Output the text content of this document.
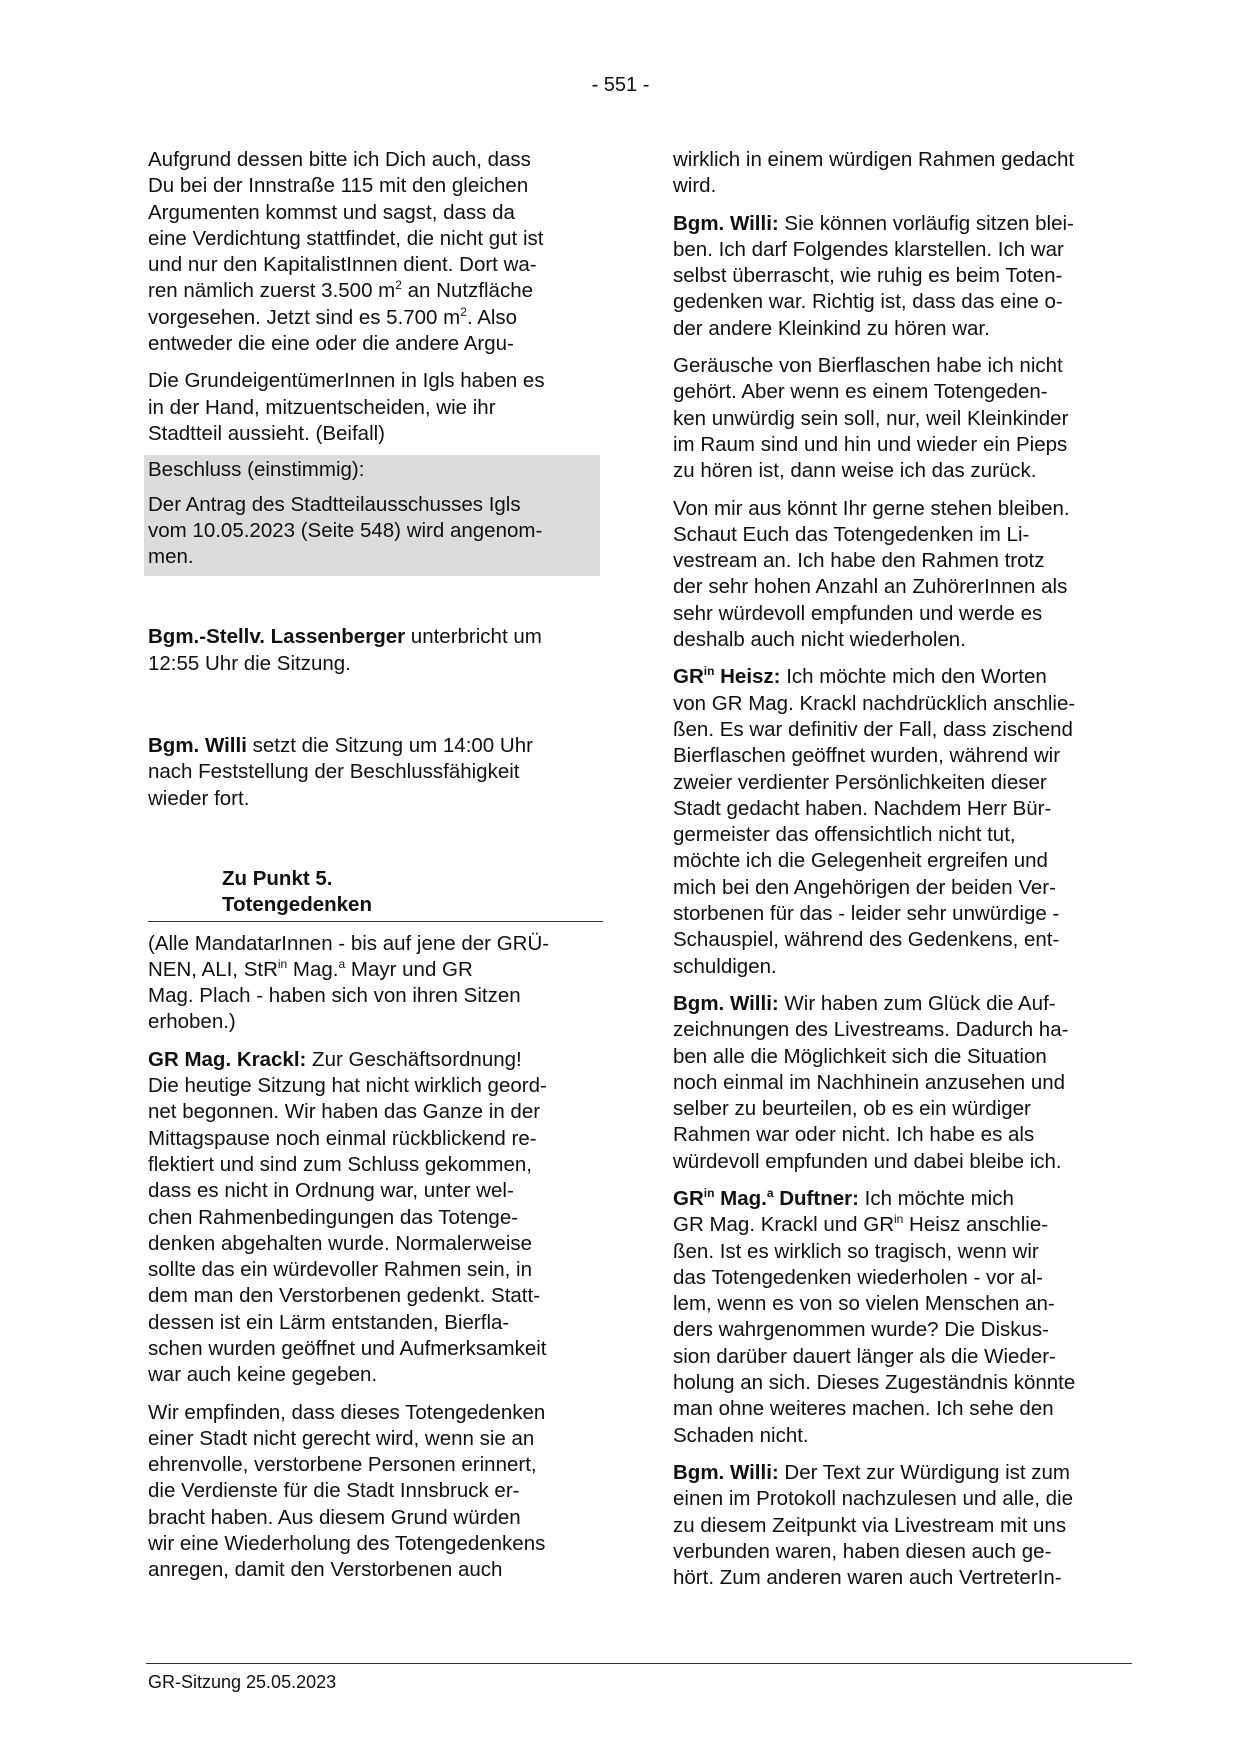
- 551 -
Aufgrund dessen bitte ich Dich auch, dass
Du bei der Innstraße 115 mit den gleichen
Argumenten kommst und sagst, dass da
eine Verdichtung stattfindet, die nicht gut ist
und nur den KapitalistInnen dient. Dort wa-
ren nämlich zuerst 3.500 $m^2$ an Nutzfläche
vorgesehen. Jetzt sind es 5.700 $m^2$. Also
entweder die eine oder die andere Argu-
Die GrundeigentümerInnen in Igls haben es
in der Hand, mitzuentscheiden, wie ihr
Stadtteil aussieht. (Beifall)
Beschluss (einstimmig):
Der Antrag des Stadtteilausschusses Igls
vom 10.05.2023 (Seite 548) wird angenom-
men.
Bgm.-Stellv. Lassenberger unterbricht um
12:55 Uhr die Sitzung.
Bgm. Willi setzt die Sitzung um 14:00 Uhr
nach Feststellung der Beschlussfähigkeit
wieder fort.
Zu Punkt 5.
Totengedenken
(Alle MandatarInnen - bis auf jene der GRÜ-
NEN, ALI, StR$^{in}$ Mag.$^a$ Mayr und GR
Mag. Plach - haben sich von ihren Sitzen
erhoben.)
GR Mag. Krackl: Zur Geschäftsordnung!
Die heutige Sitzung hat nicht wirklich geord-
net begonnen. Wir haben das Ganze in der
Mittagspause noch einmal rückblickend re-
flektiert und sind zum Schluss gekommen,
dass es nicht in Ordnung war, unter wel-
chen Rahmenbedingungen das Totenge-
denken abgehalten wurde. Normalerweise
sollte das ein würdevoller Rahmen sein, in
dem man den Verstorbenen gedenkt. Statt-
dessen ist ein Lärm entstanden, Bierfla-
schen wurden geöffnet und Aufmerksamkeit
war auch keine gegeben.
Wir empfinden, dass dieses Totengedenken
einer Stadt nicht gerecht wird, wenn sie an
ehrenvolle, verstorbene Personen erinnert,
die Verdienste für die Stadt Innsbruck er-
bracht haben. Aus diesem Grund würden
wir eine Wiederholung des Totengedenkens
anregen, damit den Verstorbenen auch
wirklich in einem würdigen Rahmen gedacht
wird.
Bgm. Willi: Sie können vorläufig sitzen blei-
ben. Ich darf Folgendes klarstellen. Ich war
selbst überrascht, wie ruhig es beim Toten-
gedenken war. Richtig ist, dass das eine o-
der andere Kleinkind zu hören war.
Geräusche von Bierflaschen habe ich nicht
gehört. Aber wenn es einem Totengeden-
ken unwürdig sein soll, nur, weil Kleinkinder
im Raum sind und hin und wieder ein Pieps
zu hören ist, dann weise ich das zurück.
Von mir aus könnt Ihr gerne stehen bleiben.
Schaut Euch das Totengedenken im Li-
vestream an. Ich habe den Rahmen trotz
der sehr hohen Anzahl an ZuhörerInnen als
sehr würdevoll empfunden und werde es
deshalb auch nicht wiederholen.
$GR^{in}$ Heisz: Ich möchte mich den Worten
von GR Mag. Krackl nachdrücklich anschlie-
ßen. Es war definitiv der Fall, dass zischend
Bierflaschen geöffnet wurden, während wir
zweier verdienter Persönlichkeiten dieser
Stadt gedacht haben. Nachdem Herr Bür-
germeister das offensichtlich nicht tut,
möchte ich die Gelegenheit ergreifen und
mich bei den Angehörigen der beiden Ver-
storbenen für das - leider sehr unwürdige -
Schauspiel, während des Gedenkens, ent-
schuldigen.
Bgm. Willi: Wir haben zum Glück die Auf-
zeichnungen des Livestreams. Dadurch ha-
ben alle die Möglichkeit sich die Situation
noch einmal im Nachhinein anzusehen und
selber zu beurteilen, ob es ein würdiger
Rahmen war oder nicht. Ich habe es als
würdevoll empfunden und dabei bleibe ich.
$GR^{in}$ Mag.$^a$ Duftner: Ich möchte mich
GR Mag. Krackl und $GR^{in}$ Heisz anschlie-
ßen. Ist es wirklich so tragisch, wenn wir
das Totengedenken wiederholen - vor al-
lem, wenn es von so vielen Menschen an-
ders wahrgenommen wurde? Die Diskus-
sion darüber dauert länger als die Wieder-
holung an sich. Dieses Zugeständnis könnte
man ohne weiteres machen. Ich sehe den
Schaden nicht.
Bgm. Willi: Der Text zur Würdigung ist zum
einen im Protokoll nachzulesen und alle, die
zu diesem Zeitpunkt via Livestream mit uns
verbunden waren, haben diesen auch ge-
hört. Zum anderen waren auch VertreterIn-
GR-Sitzung 25.05.2023
